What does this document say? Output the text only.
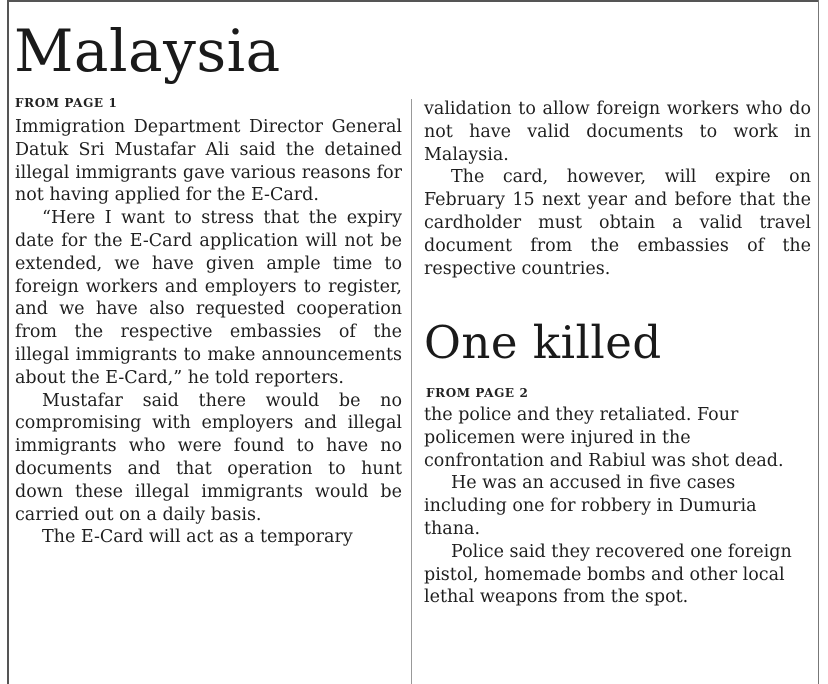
Malaysia
FROM PAGE 1

Immigration Department Director General Datuk Sri Mustafar Ali said the detained illegal immigrants gave various reasons for not having applied for the E-Card.

“Here I want to stress that the expiry date for the E-Card application will not be extended, we have given ample time to foreign workers and employers to register, and we have also requested cooperation from the respective embassies of the illegal immigrants to make announcements about the E-Card,” he told reporters.

Mustafar said there would be no compromising with employers and illegal immigrants who were found to have no documents and that operation to hunt down these illegal immigrants would be carried out on a daily basis.

The E-Card will act as a temporary

validation to allow foreign workers who do not have valid documents to work in Malaysia.

The card, however, will expire on February 15 next year and before that the cardholder must obtain a valid travel document from the embassies of the respective countries.

One killed
FROM PAGE 2

the police and they retaliated. Four policemen were injured in the confrontation and Rabiul was shot dead.

He was an accused in five cases including one for robbery in Dumuria thana.

Police said they recovered one foreign pistol, homemade bombs and other local lethal weapons from the spot.
